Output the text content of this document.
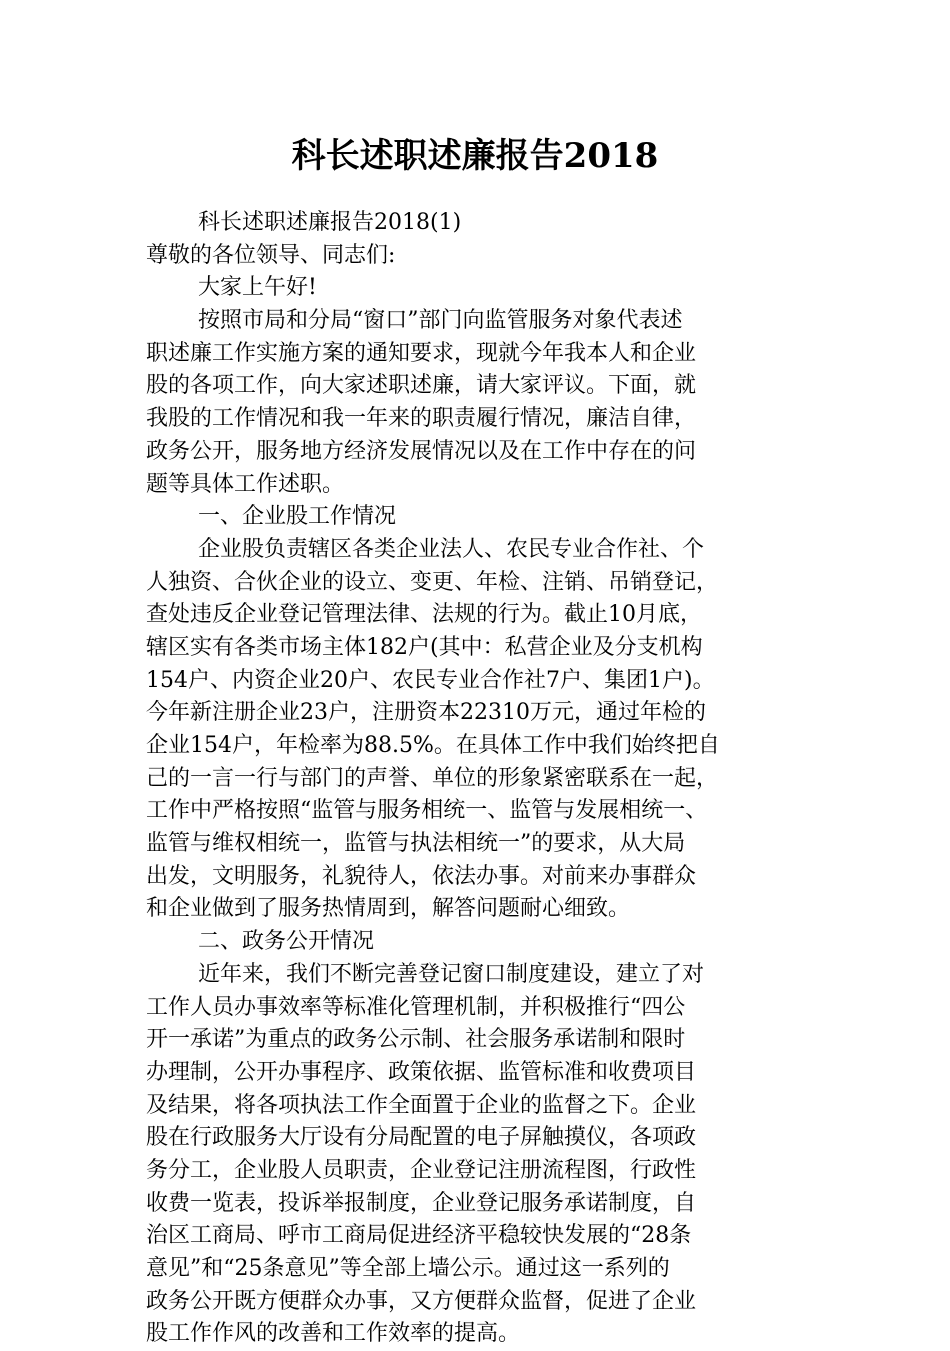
科长述职述廉报告2018
科长述职述廉报告2018(1)
尊敬的各位领导、同志们:
大家上午好!
按照市局和分局“窗口”部门向监管服务对象代表述
职述廉工作实施方案的通知要求，现就今年我本人和企业
股的各项工作，向大家述职述廉，请大家评议。下面，就
我股的工作情况和我一年来的职责履行情况，廉洁自律，
政务公开，服务地方经济发展情况以及在工作中存在的问
题等具体工作述职。
一、企业股工作情况
企业股负责辖区各类企业法人、农民专业合作社、个
人独资、合伙企业的设立、变更、年检、注销、吊销登记，
查处违反企业登记管理法律、法规的行为。截止10月底，
辖区实有各类市场主体182户(其中：私营企业及分支机构
154户、内资企业20户、农民专业合作社7户、集团1户)。
今年新注册企业23户，注册资本22310万元，通过年检的
企业154户，年检率为88.5%。在具体工作中我们始终把自
己的一言一行与部门的声誉、单位的形象紧密联系在一起，
工作中严格按照“监管与服务相统一、监管与发展相统一、
监管与维权相统一，监管与执法相统一”的要求，从大局
出发，文明服务，礼貌待人，依法办事。对前来办事群众
和企业做到了服务热情周到，解答问题耐心细致。
二、政务公开情况
近年来，我们不断完善登记窗口制度建设，建立了对
工作人员办事效率等标准化管理机制，并积极推行“四公
开一承诺”为重点的政务公示制、社会服务承诺制和限时
办理制，公开办事程序、政策依据、监管标准和收费项目
及结果，将各项执法工作全面置于企业的监督之下。企业
股在行政服务大厅设有分局配置的电子屏触摸仪，各项政
务分工，企业股人员职责，企业登记注册流程图，行政性
收费一览表，投诉举报制度，企业登记服务承诺制度，自
治区工商局、呼市工商局促进经济平稳较快发展的“28条
意见”和“25条意见”等全部上墙公示。通过这一系列的
政务公开既方便群众办事，又方便群众监督，促进了企业
股工作作风的改善和工作效率的提高。
